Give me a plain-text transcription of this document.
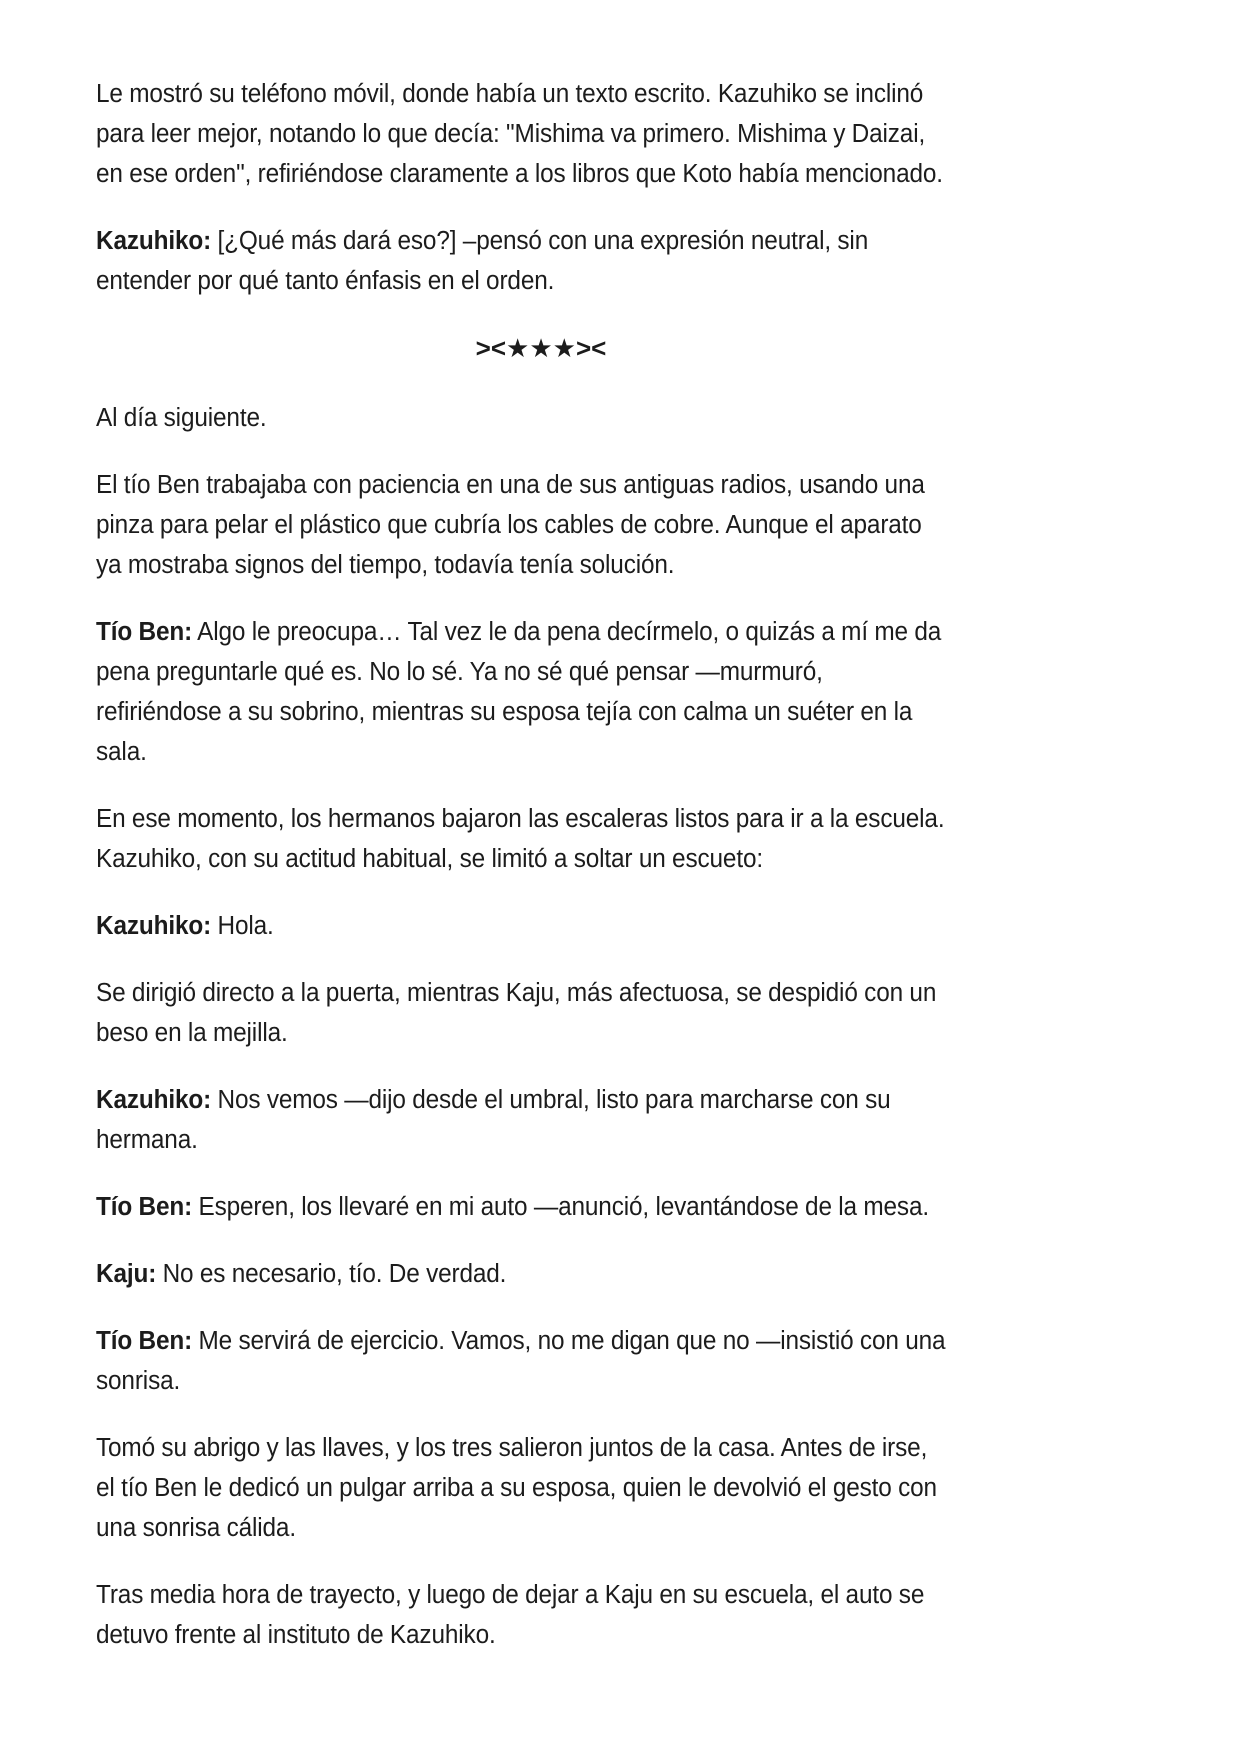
Le mostró su teléfono móvil, donde había un texto escrito. Kazuhiko se inclinó para leer mejor, notando lo que decía: "Mishima va primero. Mishima y Daizai, en ese orden", refiriéndose claramente a los libros que Koto había mencionado.

Kazuhiko: [¿Qué más dará eso?] –pensó con una expresión neutral, sin entender por qué tanto énfasis en el orden.

><★★★><

Al día siguiente.

El tío Ben trabajaba con paciencia en una de sus antiguas radios, usando una pinza para pelar el plástico que cubría los cables de cobre. Aunque el aparato ya mostraba signos del tiempo, todavía tenía solución.

Tío Ben: Algo le preocupa… Tal vez le da pena decírmelo, o quizás a mí me da pena preguntarle qué es. No lo sé. Ya no sé qué pensar —murmuró, refiriéndose a su sobrino, mientras su esposa tejía con calma un suéter en la sala.

En ese momento, los hermanos bajaron las escaleras listos para ir a la escuela. Kazuhiko, con su actitud habitual, se limitó a soltar un escueto:

Kazuhiko: Hola.

Se dirigió directo a la puerta, mientras Kaju, más afectuosa, se despidió con un beso en la mejilla.

Kazuhiko: Nos vemos —dijo desde el umbral, listo para marcharse con su hermana.

Tío Ben: Esperen, los llevaré en mi auto —anunció, levantándose de la mesa.

Kaju: No es necesario, tío. De verdad.

Tío Ben: Me servirá de ejercicio. Vamos, no me digan que no —insistió con una sonrisa.

Tomó su abrigo y las llaves, y los tres salieron juntos de la casa. Antes de irse, el tío Ben le dedicó un pulgar arriba a su esposa, quien le devolvió el gesto con una sonrisa cálida.

Tras media hora de trayecto, y luego de dejar a Kaju en su escuela, el auto se detuvo frente al instituto de Kazuhiko.
